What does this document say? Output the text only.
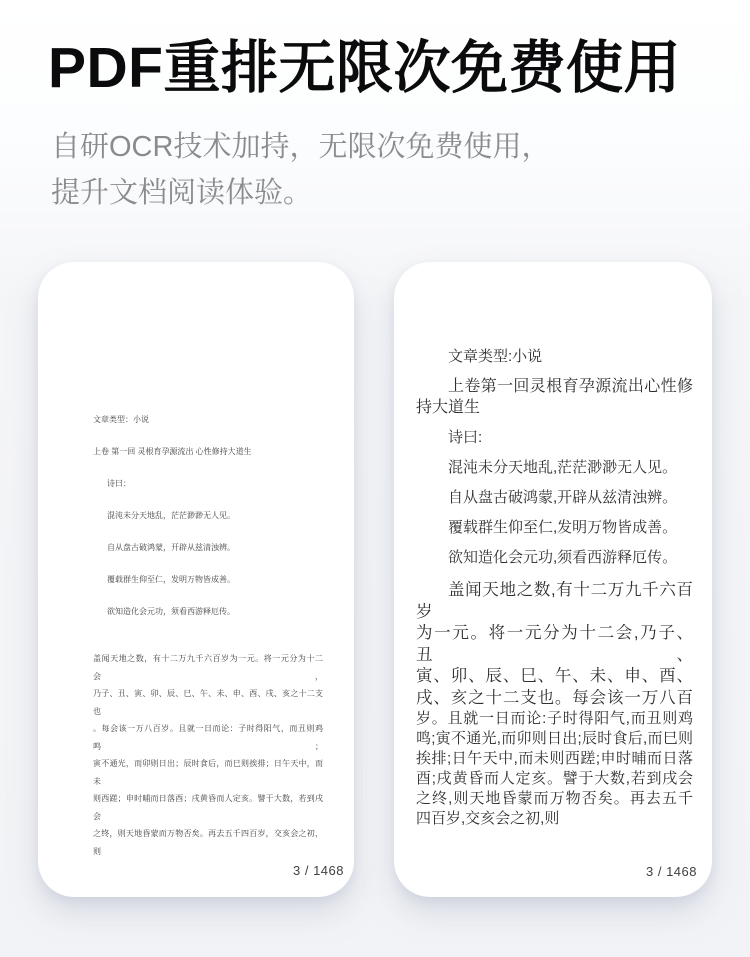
PDF重排无限次免费使用
自研OCR技术加持，无限次免费使用，
提升文档阅读体验。
文章类型：小说
上卷 第一回 灵根育孕源流出 心性修持大道生
诗曰：
混沌未分天地乱，茫茫渺渺无人见。
自从盘古破鸿蒙，开辟从兹清浊辨。
覆载群生仰至仁，发明万物皆成善。
欲知造化会元功，须看西游释厄传。
盖闻天地之数，有十二万九千六百岁为一元。将一元分为十二会，
乃子、丑、寅、卯、辰、巳、午、未、申、酉、戌、亥之十二支也
。每会该一万八百岁。且就一日而论：子时得阳气，而丑则鸡鸣；
寅不通光，而卯则日出；辰时食后，而巳则挨排；日午天中，而未
则西蹉；申时晡而日落酉；戌黄昏而人定亥。譬于大数，若到戌会
之终，则天地昏蒙而万物否矣。再去五千四百岁，交亥会之初，则
3 / 1468
文章类型:小说
上卷第一回灵根育孕源流出心性修
持大道生
诗曰:
混沌未分天地乱,茫茫渺渺无人见。
自从盘古破鸿蒙,开辟从兹清浊辨。
覆载群生仰至仁,发明万物皆成善。
欲知造化会元功,须看西游释厄传。
盖闻天地之数,有十二万九千六百岁
为一元。将一元分为十二会,乃子、丑、
寅、卯、辰、巳、午、未、申、酉、
戌、亥之十二支也。每会该一万八百
岁。且就一日而论:子时得阳气,而丑则鸡
鸣;寅不通光,而卯则日出;辰时食后,而巳则
挨排;日午天中,而未则西蹉;申时晡而日落
酉;戌黄昏而人定亥。譬于大数,若到戌会
之终,则天地昏蒙而万物否矣。再去五千
四百岁,交亥会之初,则
3 / 1468
